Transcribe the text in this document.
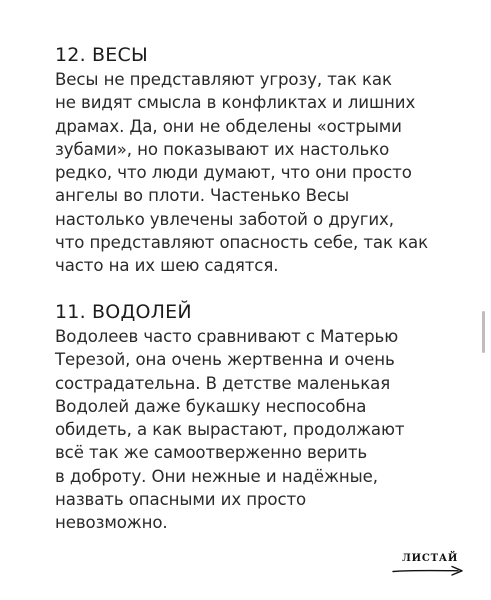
12. ВЕСЫ
Весы не представляют угрозу, так как
не видят смысла в конфликтах и лишних
драмах. Да, они не обделены «острыми
зубами», но показывают их настолько
редко, что люди думают, что они просто
ангелы во плоти. Частенько Весы
настолько увлечены заботой о других,
что представляют опасность себе, так как
часто на их шею садятся.
11. ВОДОЛЕЙ
Водолеев часто сравнивают с Матерью
Терезой, она очень жертвенна и очень
сострадательна. В детстве маленькая
Водолей даже букашку неспособна
обидеть, а как вырастают, продолжают
всё так же самоотверженно верить
в доброту. Они нежные и надёжные,
назвать опасными их просто
невозможно.
ЛИСТАЙ
